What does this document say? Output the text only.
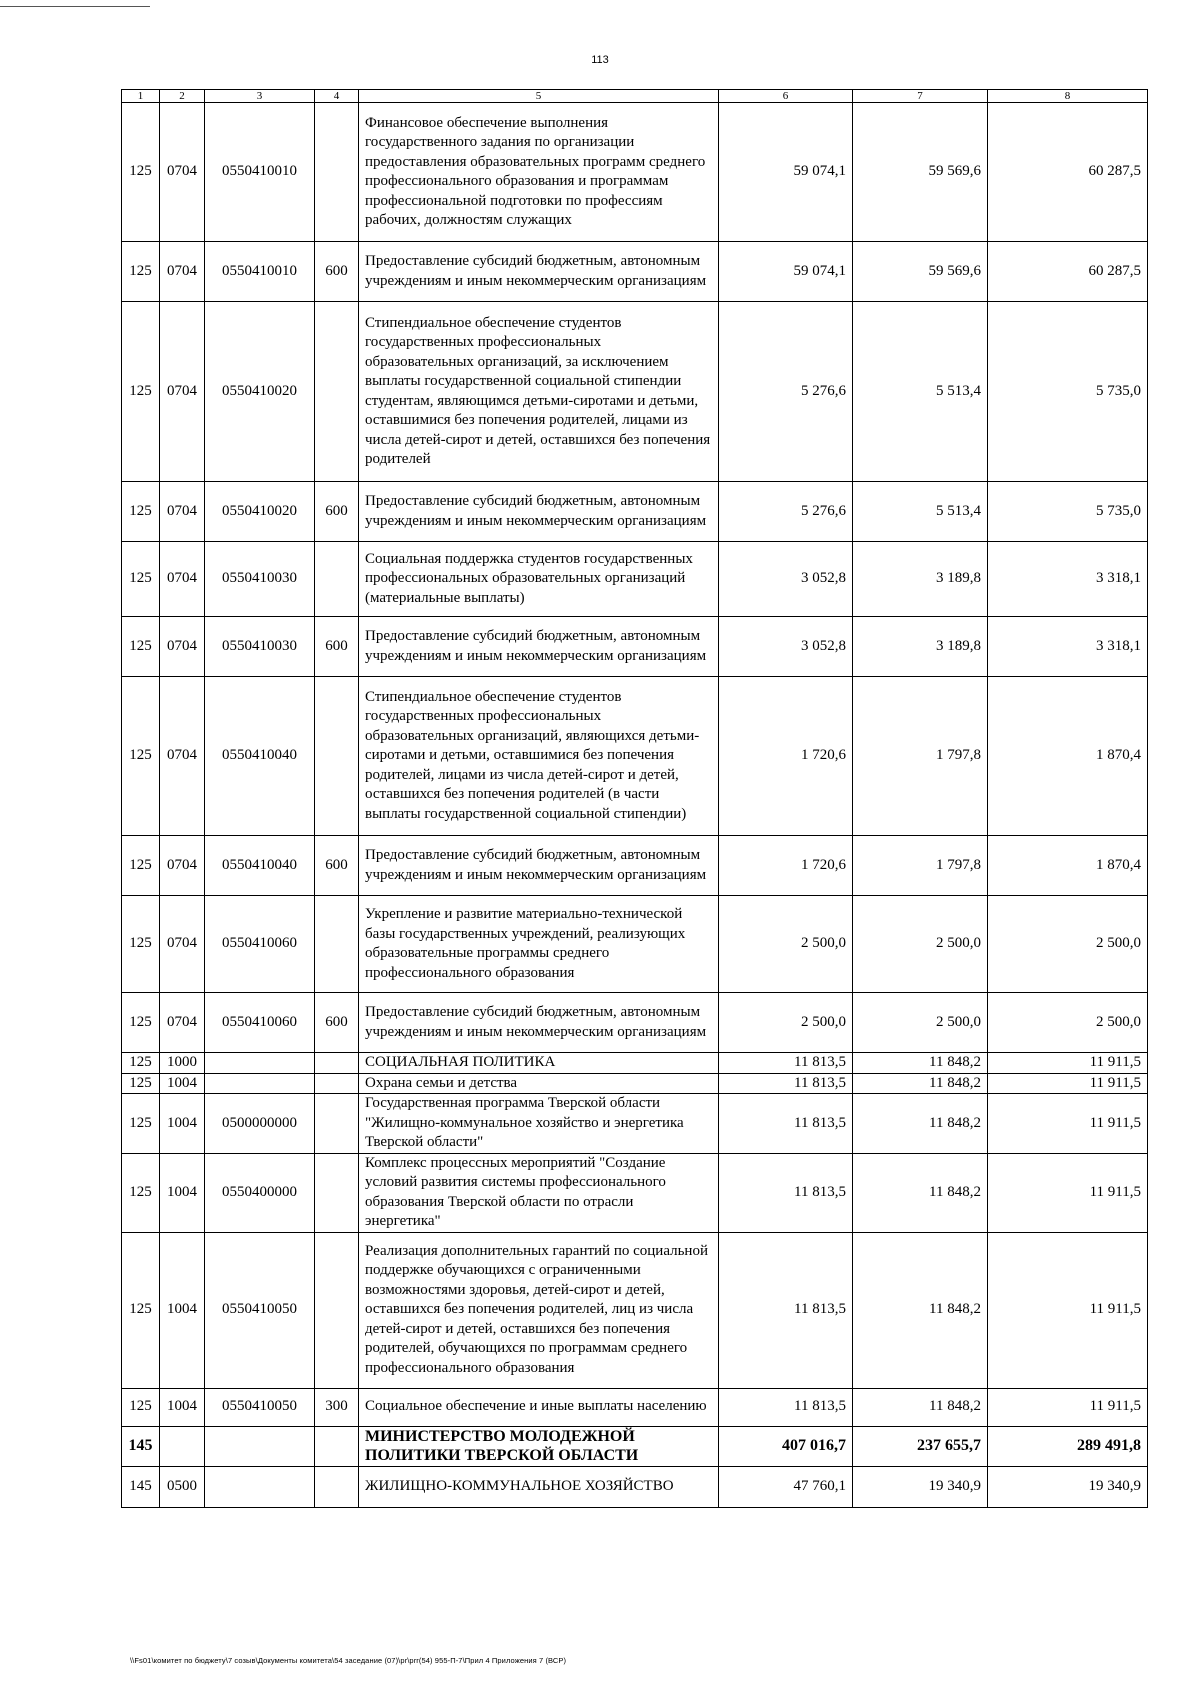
113
1	2	3	4	5	6	7	8
125	0704	0550410010		Финансовое обеспечение выполнения государственного задания по организации предоставления образовательных программ среднего профессионального образования и программам профессиональной подготовки по профессиям рабочих, должностям служащих	59 074,1	59 569,6	60 287,5
125	0704	0550410010	600	Предоставление субсидий бюджетным, автономным учреждениям и иным некоммерческим организациям	59 074,1	59 569,6	60 287,5
125	0704	0550410020		Стипендиальное обеспечение студентов государственных профессиональных образовательных организаций, за исключением выплаты государственной социальной стипендии студентам, являющимся детьми-сиротами и детьми, оставшимися без попечения родителей, лицами из числа детей-сирот и детей, оставшихся без попечения родителей	5 276,6	5 513,4	5 735,0
125	0704	0550410020	600	Предоставление субсидий бюджетным, автономным учреждениям и иным некоммерческим организациям	5 276,6	5 513,4	5 735,0
125	0704	0550410030		Социальная поддержка студентов государственных профессиональных образовательных организаций (материальные выплаты)	3 052,8	3 189,8	3 318,1
125	0704	0550410030	600	Предоставление субсидий бюджетным, автономным учреждениям и иным некоммерческим организациям	3 052,8	3 189,8	3 318,1
125	0704	0550410040		Стипендиальное обеспечение студентов государственных профессиональных образовательных организаций, являющихся детьми-сиротами и детьми, оставшимися без попечения родителей, лицами из числа детей-сирот и детей, оставшихся без попечения родителей (в части выплаты государственной социальной стипендии)	1 720,6	1 797,8	1 870,4
125	0704	0550410040	600	Предоставление субсидий бюджетным, автономным учреждениям и иным некоммерческим организациям	1 720,6	1 797,8	1 870,4
125	0704	0550410060		Укрепление и развитие материально-технической базы государственных учреждений, реализующих образовательные программы среднего профессионального образования	2 500,0	2 500,0	2 500,0
125	0704	0550410060	600	Предоставление субсидий бюджетным, автономным учреждениям и иным некоммерческим организациям	2 500,0	2 500,0	2 500,0
125	1000			СОЦИАЛЬНАЯ ПОЛИТИКА	11 813,5	11 848,2	11 911,5
125	1004			Охрана семьи и детства	11 813,5	11 848,2	11 911,5
125	1004	0500000000		Государственная программа Тверской области "Жилищно-коммунальное хозяйство и энергетика Тверской области"	11 813,5	11 848,2	11 911,5
125	1004	0550400000		Комплекс процессных мероприятий "Создание условий развития системы профессионального образования Тверской области по отрасли энергетика"	11 813,5	11 848,2	11 911,5
125	1004	0550410050		Реализация дополнительных гарантий по социальной поддержке обучающихся с ограниченными возможностями здоровья, детей-сирот и детей, оставшихся без попечения родителей, лиц из числа детей-сирот и детей, оставшихся без попечения родителей, обучающихся по программам среднего профессионального образования	11 813,5	11 848,2	11 911,5
125	1004	0550410050	300	Социальное обеспечение и иные выплаты населению	11 813,5	11 848,2	11 911,5
145				МИНИСТЕРСТВО МОЛОДЕЖНОЙ ПОЛИТИКИ ТВЕРСКОЙ ОБЛАСТИ	407 016,7	237 655,7	289 491,8
145	0500			ЖИЛИЩНО-КОММУНАЛЬНОЕ ХОЗЯЙСТВО	47 760,1	19 340,9	19 340,9
\\Fs01\комитет по бюджету\7 созыв\Документы комитета\54 заседание (07)\pr\prr(54) 955-П-7\Прил 4 Приложения 7 (ВСР)
